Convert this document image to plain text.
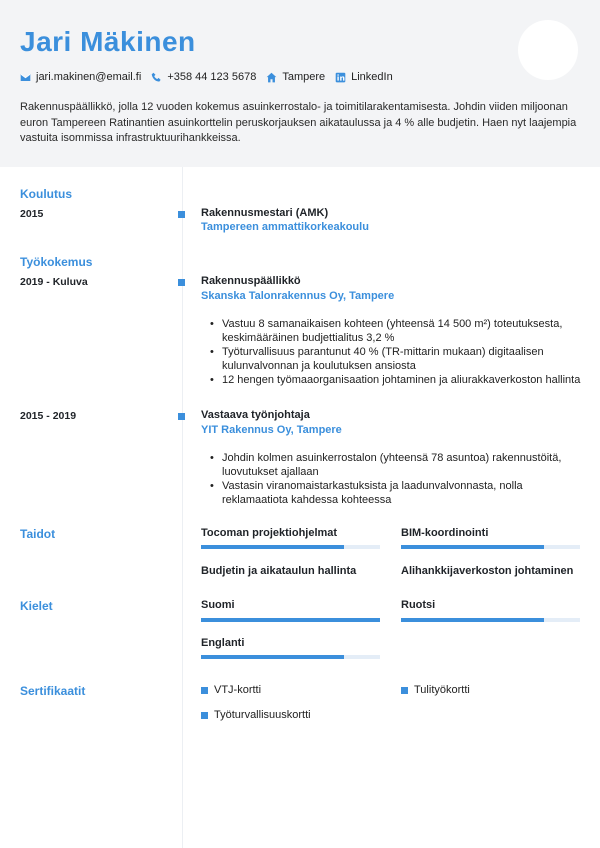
Jari Mäkinen
jari.makinen@email.fi +358 44 123 5678 Tampere LinkedIn
Rakennuspäällikkö, jolla 12 vuoden kokemus asuinkerrostalo- ja toimitilarakentamisesta. Johdin viiden miljoonan euron Tampereen Ratinantien asuinkorttelin peruskorjauksen aikataulussa ja 4 % alle budjetin. Haen nyt laajempia vastuita isommissa infrastruktuurihankkeissa.
Koulutus
2015	Rakennusmestari (AMK)
Tampereen ammattikorkeakoulu
Työkokemus
2019 - Kuluva	Rakennuspäällikkö
Skanska Talonrakennus Oy, Tampere
• Vastuu 8 samanaikaisen kohteen (yhteensä 14 500 m²) toteutuksesta, keskimääräinen budjettialitus 3,2 %
• Työturvallisuus parantunut 40 % (TR-mittarin mukaan) digitaalisen kulunvalvonnan ja koulutuksen ansiosta
• 12 hengen työmaaorganisaation johtaminen ja aliurakkaverkoston hallinta
2015 - 2019	Vastaava työnjohtaja
YIT Rakennus Oy, Tampere
• Johdin kolmen asuinkerrostalon (yhteensä 78 asuntoa) rakennustöitä, luovutukset ajallaan
• Vastasin viranomaistarkastuksista ja laadunvalvonnasta, nolla reklamaatiota kahdessa kohteessa
Taidot	Tocoman projektiohjelmat	BIM-koordinointi
Budjetin ja aikataulun hallinta	Alihankkijaverkoston johtaminen
Kielet	Suomi	Ruotsi
Englanti
Sertifikaatit	VTJ-kortti	Tulityökortti
Työturvallisuuskortti
